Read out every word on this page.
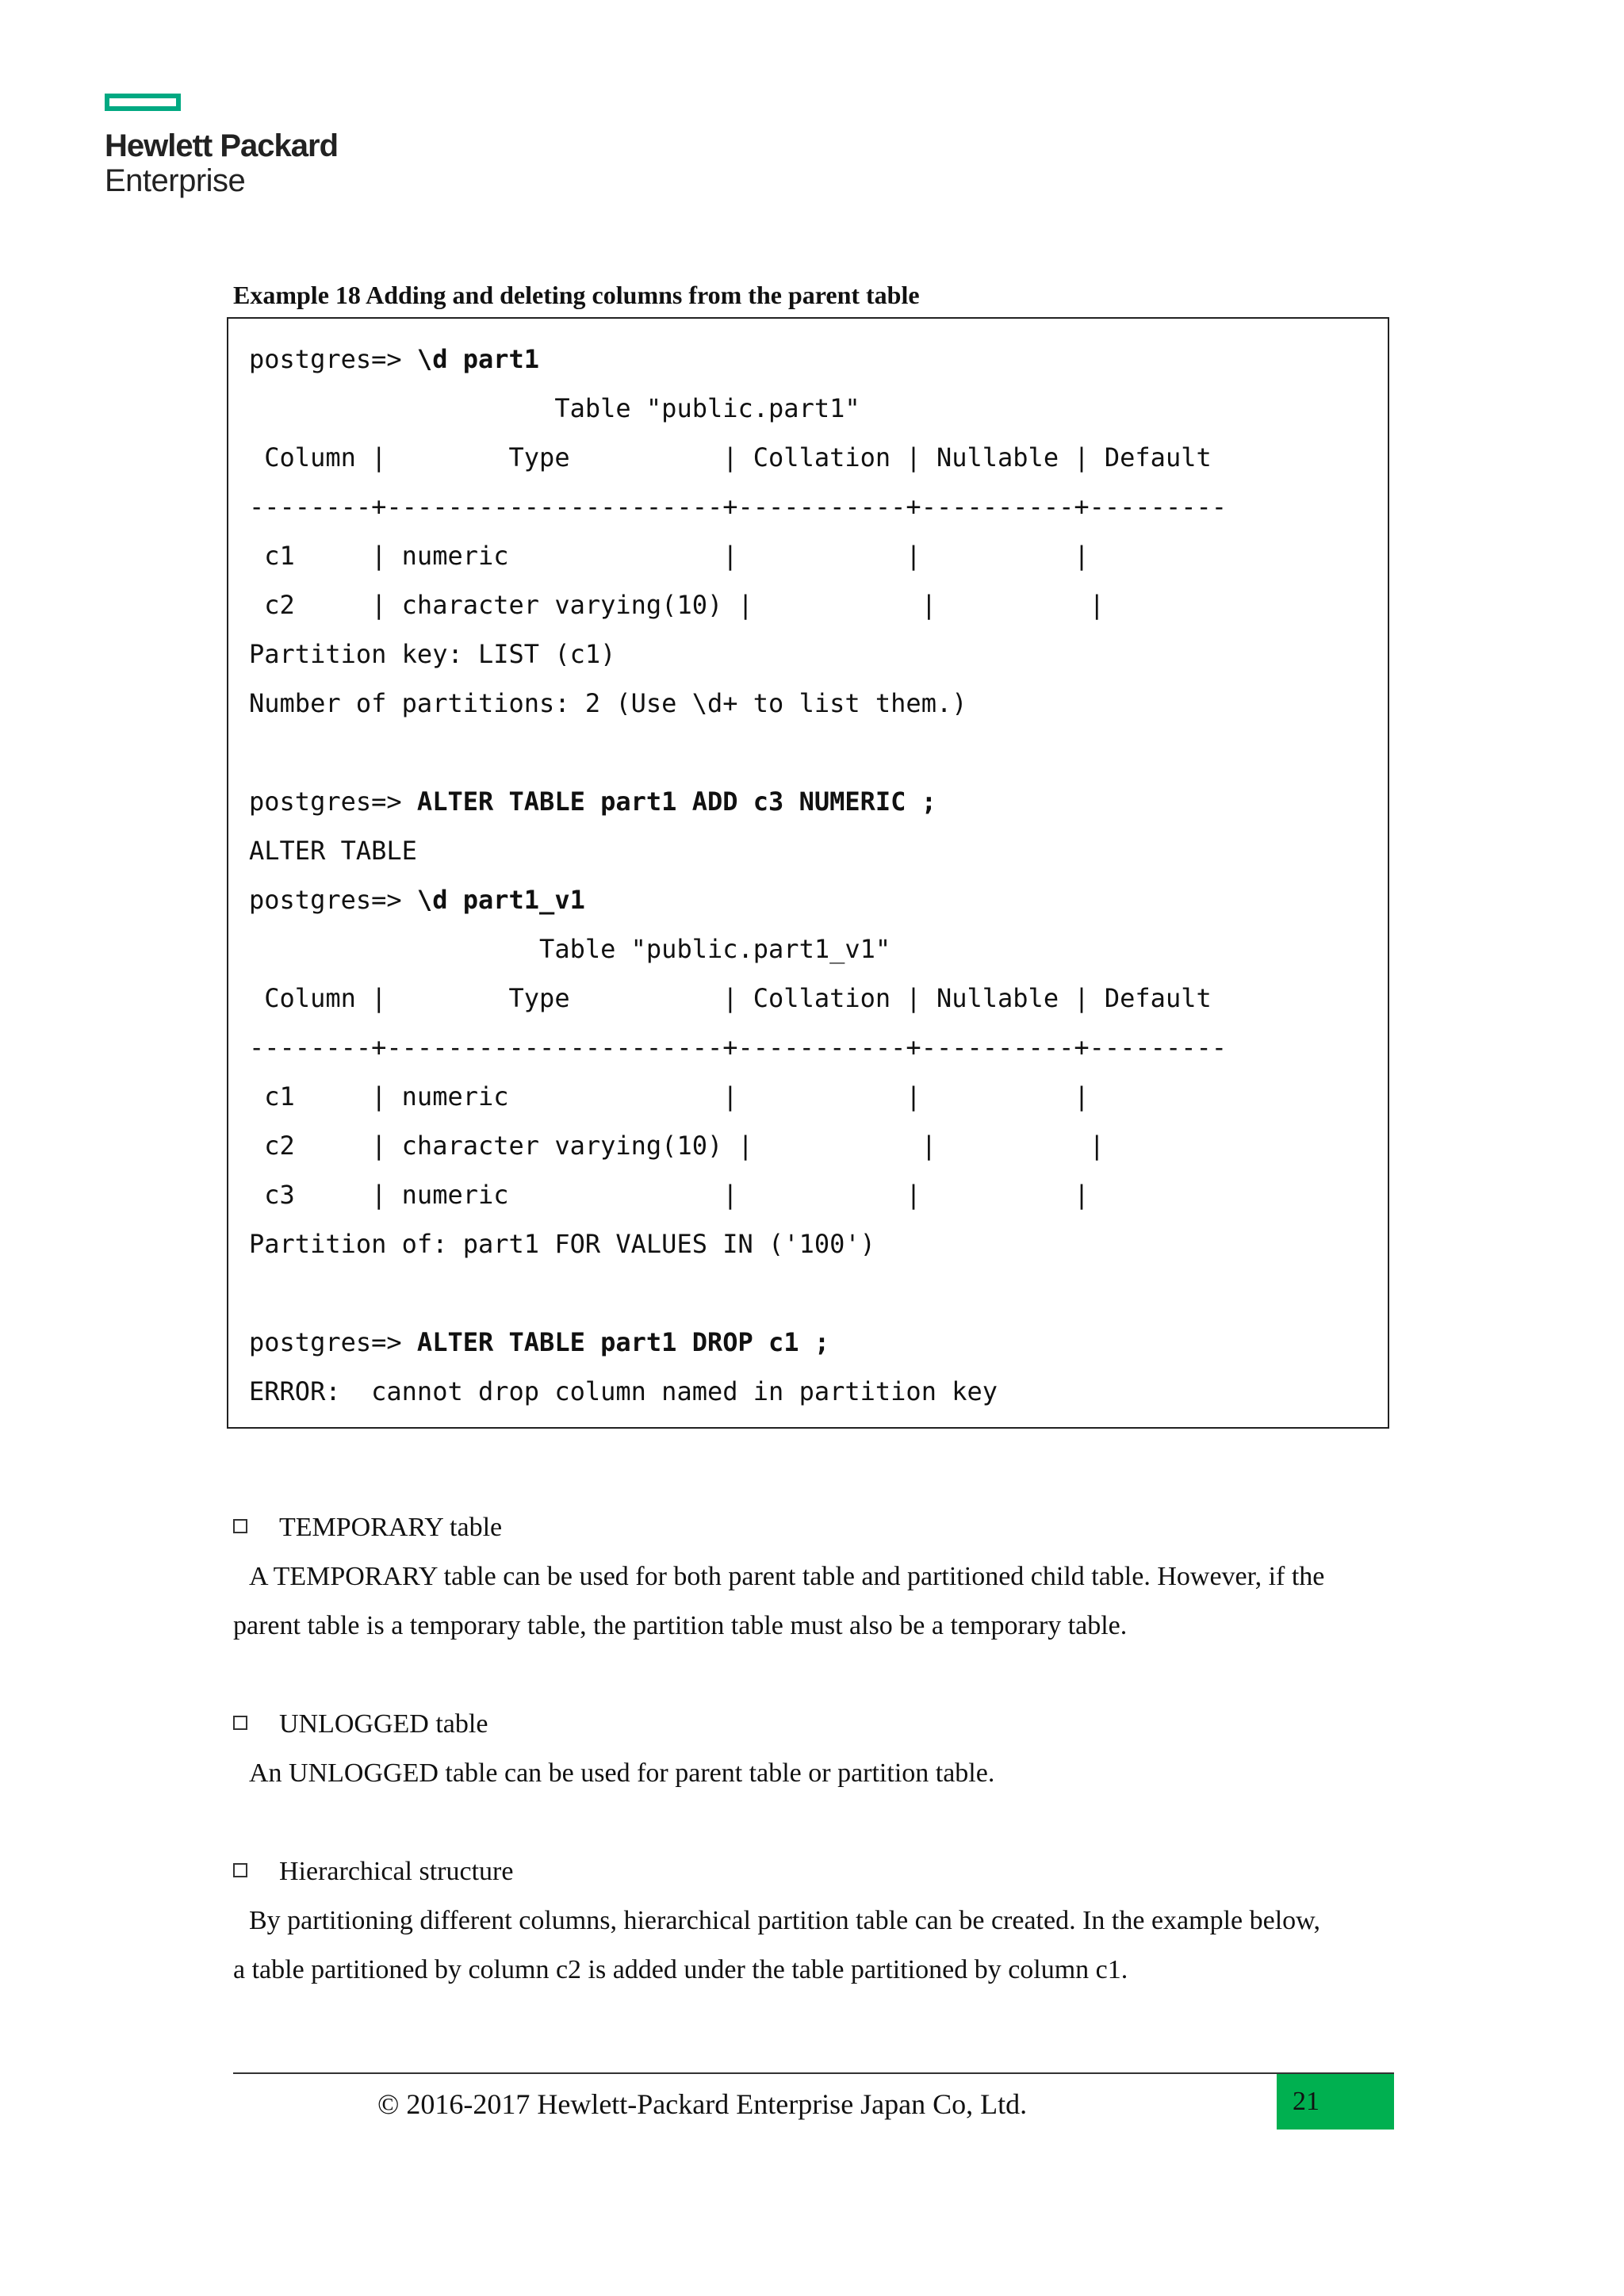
Hewlett Packard
Enterprise
Example 18 Adding and deleting columns from the parent table
postgres=> \d part1
Table "public.part1"
Column |        Type          | Collation | Nullable | Default
--------+----------------------+-----------+----------+---------
c1     | numeric              |           |          |
c2     | character varying(10) |           |          |
Partition key: LIST (c1)
Number of partitions: 2 (Use \d+ to list them.)
postgres=> ALTER TABLE part1 ADD c3 NUMERIC ;
ALTER TABLE
postgres=> \d part1_v1
Table "public.part1_v1"
Column |        Type          | Collation | Nullable | Default
--------+----------------------+-----------+----------+---------
c1     | numeric              |           |          |
c2     | character varying(10) |           |          |
c3     | numeric              |           |          |
Partition of: part1 FOR VALUES IN ('100')
postgres=> ALTER TABLE part1 DROP c1 ;
ERROR:  cannot drop column named in partition key
TEMPORARY table
A TEMPORARY table can be used for both parent table and partitioned child table. However, if the
parent table is a temporary table, the partition table must also be a temporary table.
UNLOGGED table
An UNLOGGED table can be used for parent table or partition table.
Hierarchical structure
By partitioning different columns, hierarchical partition table can be created. In the example below,
a table partitioned by column c2 is added under the table partitioned by column c1.
© 2016-2017 Hewlett-Packard Enterprise Japan Co, Ltd.	21
